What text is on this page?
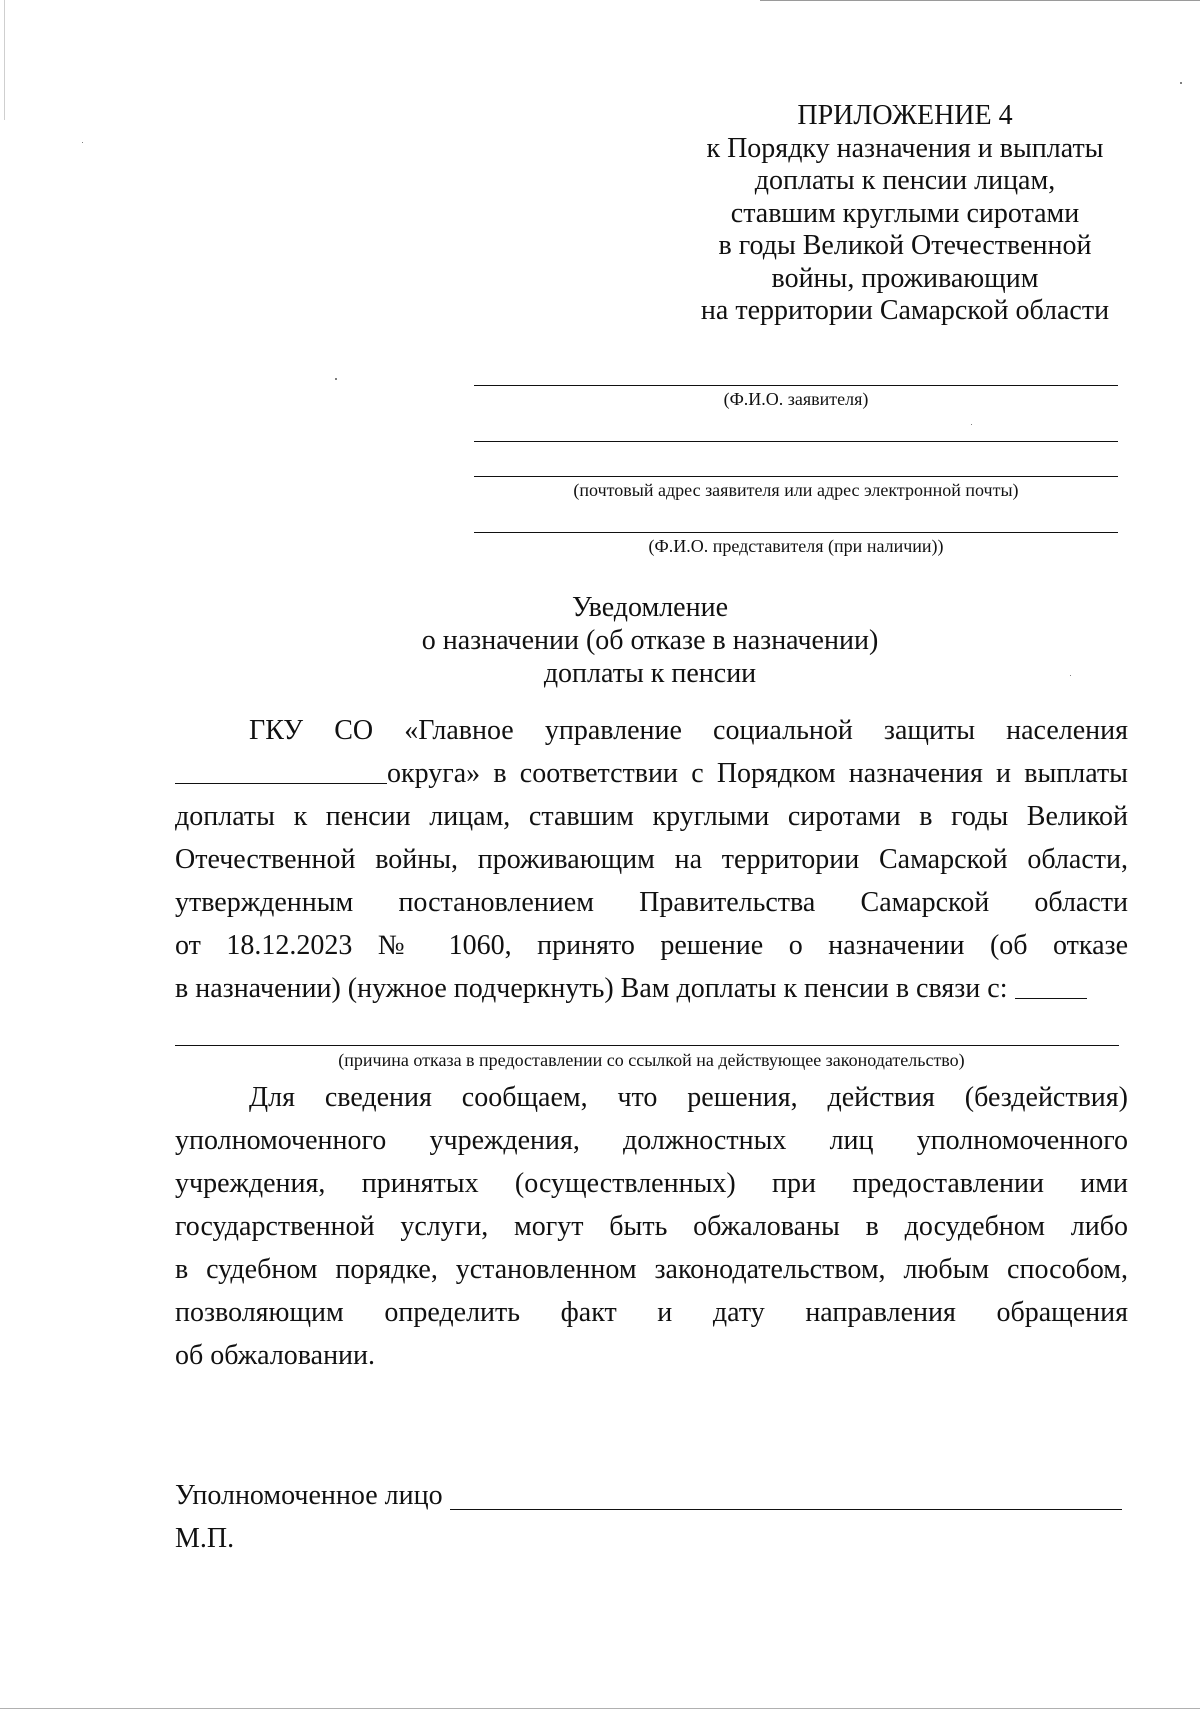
ПРИЛОЖЕНИЕ 4
к Порядку назначения и выплаты
доплаты к пенсии лицам,
ставшим круглыми сиротами
в годы Великой Отечественной
войны, проживающим
на территории Самарской области
(Ф.И.О. заявителя)
(почтовый адрес заявителя или адрес электронной почты)
(Ф.И.О. представителя (при наличии))
Уведомление
о назначении (об отказе в назначении)
доплаты к пенсии
ГКУ СО «Главное управление социальной защиты населения
округа» в соответствии с Порядком назначения и выплаты
доплаты к пенсии лицам, ставшим круглыми сиротами в годы Великой
Отечественной войны, проживающим на территории Самарской области,
утвержденным постановлением Правительства Самарской области
от 18.12.2023 № 1060, принято решение о назначении (об отказе
в назначении) (нужное подчеркнуть) Вам доплаты к пенсии в связи с:
(причина отказа в предоставлении со ссылкой на действующее законодательство)
Для сведения сообщаем, что решения, действия (бездействия)
уполномоченного учреждения, должностных лиц уполномоченного
учреждения, принятых (осуществленных) при предоставлении ими
государственной услуги, могут быть обжалованы в досудебном либо
в судебном порядке, установленном законодательством, любым способом,
позволяющим определить факт и дату направления обращения
об обжаловании.
Уполномоченное лицо
М.П.
